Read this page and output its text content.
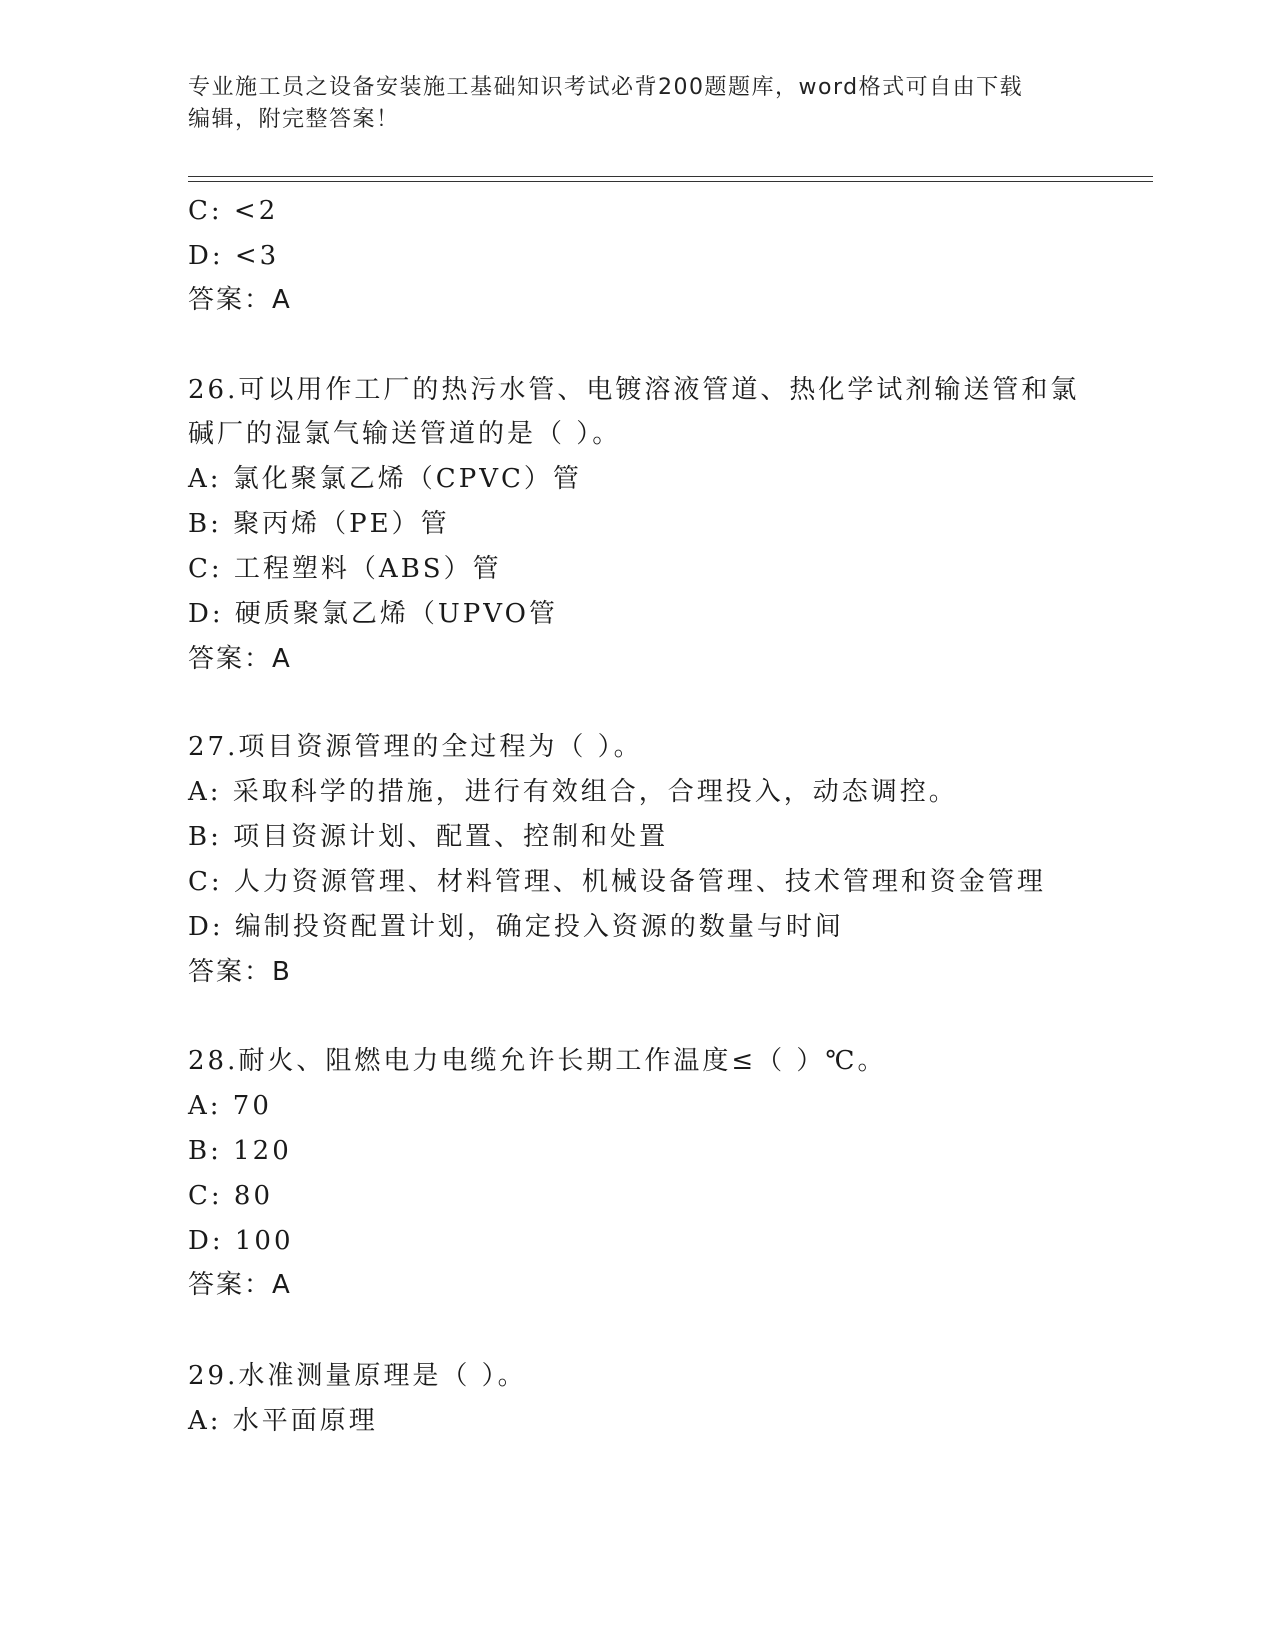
专业施工员之设备安装施工基础知识考试必背200题题库，word格式可自由下载
编辑，附完整答案！
C: <2
D: <3
答案：A
26.可以用作工厂的热污水管、电镀溶液管道、热化学试剂输送管和氯
碱厂的湿氯气输送管道的是（ ）。
A: 氯化聚氯乙烯（CPVC）管
B: 聚丙烯（PE）管
C: 工程塑料（ABS）管
D: 硬质聚氯乙烯（UPVO管
答案：A
27.项目资源管理的全过程为（ ）。
A: 采取科学的措施，进行有效组合，合理投入，动态调控。
B: 项目资源计划、配置、控制和处置
C: 人力资源管理、材料管理、机械设备管理、技术管理和资金管理
D: 编制投资配置计划，确定投入资源的数量与时间
答案：B
28.耐火、阻燃电力电缆允许长期工作温度≤（ ）℃。
A: 70
B: 120
C: 80
D: 100
答案：A
29.水准测量原理是（ ）。
A: 水平面原理
